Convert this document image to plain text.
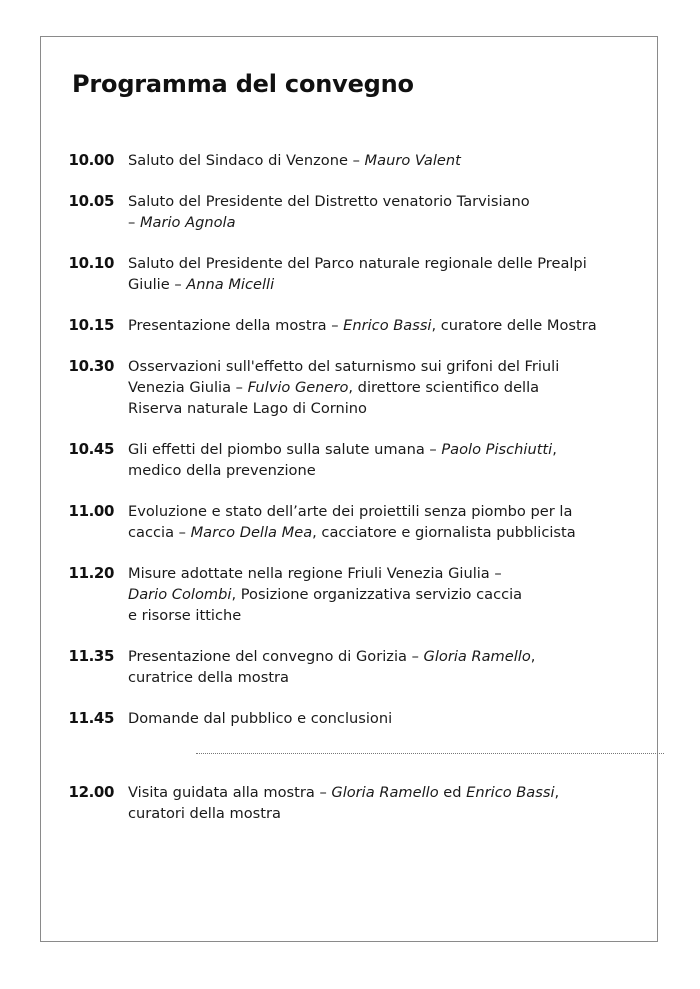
Programma del convegno
10.00 Saluto del Sindaco di Venzone – Mauro Valent
10.05 Saluto del Presidente del Distretto venatorio Tarvisiano
– Mario Agnola
10.10 Saluto del Presidente del Parco naturale regionale delle Prealpi
Giulie – Anna Micelli
10.15 Presentazione della mostra – Enrico Bassi, curatore delle Mostra
10.30 Osservazioni sull'effetto del saturnismo sui grifoni del Friuli
Venezia Giulia – Fulvio Genero, direttore scientifico della
Riserva naturale Lago di Cornino
10.45 Gli effetti del piombo sulla salute umana – Paolo Pischiutti,
medico della prevenzione
11.00 Evoluzione e stato dell’arte dei proiettili senza piombo per la
caccia – Marco Della Mea, cacciatore e giornalista pubblicista
11.20 Misure adottate nella regione Friuli Venezia Giulia –
Dario Colombi, Posizione organizzativa servizio caccia
e risorse ittiche
11.35 Presentazione del convegno di Gorizia – Gloria Ramello,
curatrice della mostra
11.45 Domande dal pubblico e conclusioni
12.00 Visita guidata alla mostra – Gloria Ramello ed Enrico Bassi,
curatori della mostra
